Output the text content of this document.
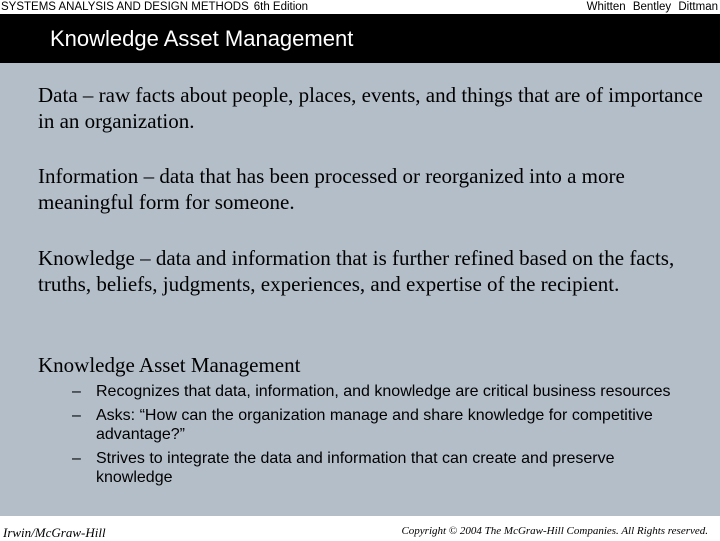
SYSTEMS ANALYSIS AND DESIGN METHODS 6th Edition	Whitten Bentley Dittman
Knowledge Asset Management
Data – raw facts about people, places, events, and things that are of importance in an organization.
Information – data that has been processed or reorganized into a more meaningful form for someone.
Knowledge – data and information that is further refined based on the facts, truths, beliefs, judgments, experiences, and expertise of the recipient.
Knowledge Asset Management
– Recognizes that data, information, and knowledge are critical business resources
– Asks: “How can the organization manage and share knowledge for competitive advantage?”
– Strives to integrate the data and information that can create and preserve knowledge
Irwin/McGraw-Hill	Copyright © 2004 The McGraw-Hill Companies. All Rights reserved.
